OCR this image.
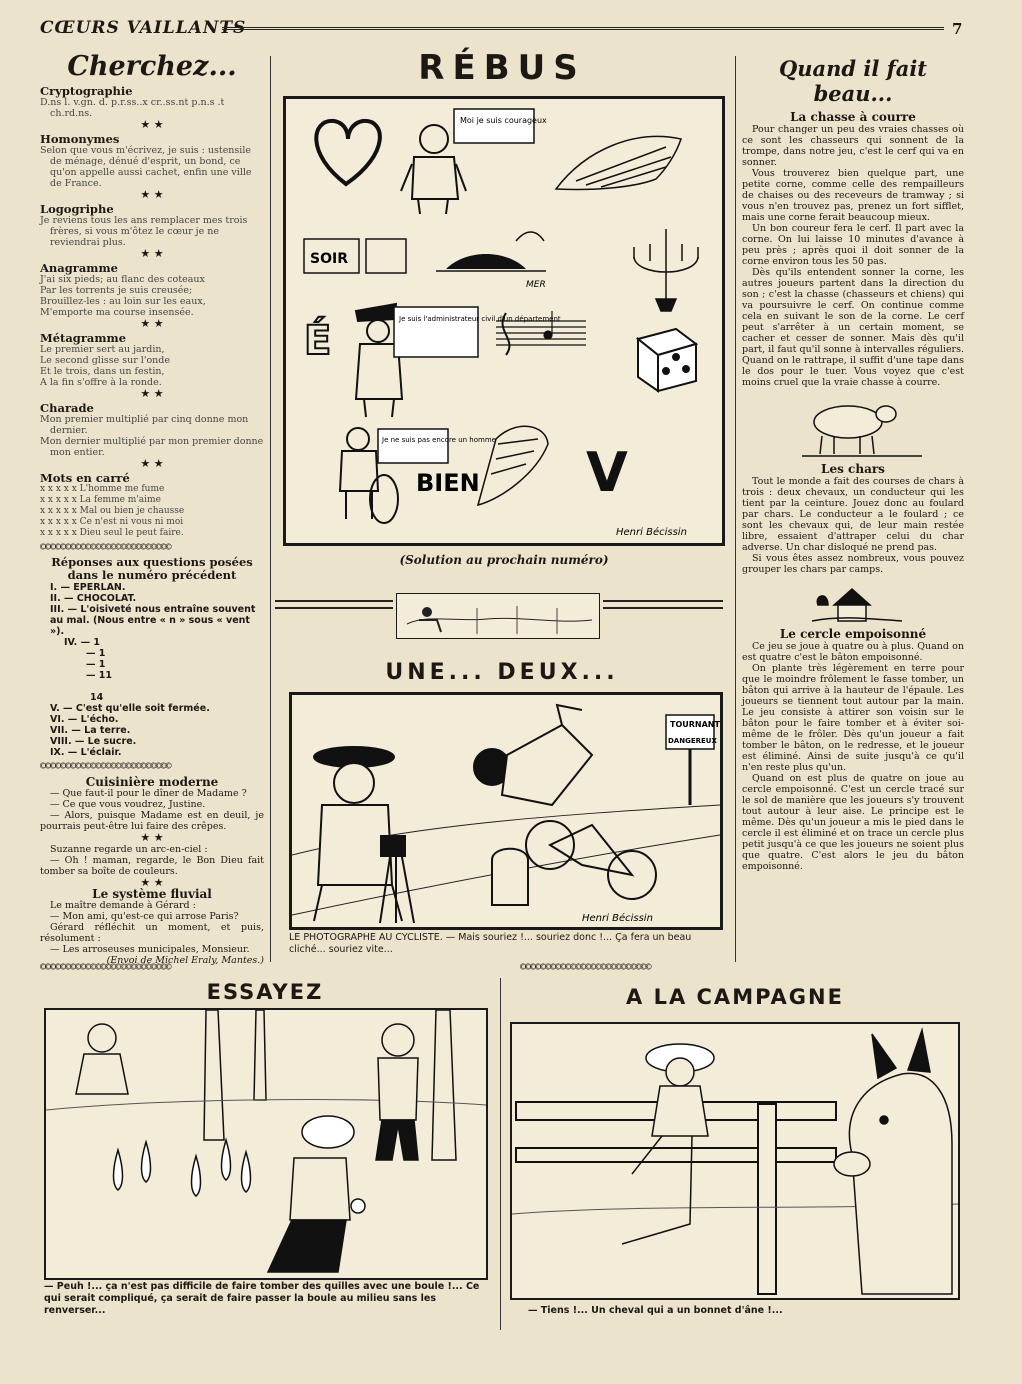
CŒURS VAILLANTS	7
©©©©©©©©©©©©©©©©©©©©©©©©©©	©©©©©©©©©©©©©©©©©©©©©©©©©©
Cherchez...
Cryptographie
D.ns l. v.gn. d. p.r.ss..x cr..ss.nt p.n.s .t ch.rd.ns.
★ ★
Homonymes
Selon que vous m'écrivez, je suis : ustensile de ménage, dénué d'esprit, un bond, ce qu'on appelle aussi cachet, enfin une ville de France.
★ ★
Logogriphe
Je reviens tous les ans remplacer mes trois frères, si vous m'ôtez le cœur je ne reviendrai plus.
★ ★
Anagramme
J'ai six pieds; au flanc des coteaux
Par les torrents je suis creusée;
Brouillez-les : au loin sur les eaux,
M'emporte ma course insensée.
★ ★
Métagramme
Le premier sert au jardin,
Le second glisse sur l'onde
Et le trois, dans un festin,
A la fin s'offre à la ronde.
★ ★
Charade
Mon premier multiplié par cinq donne mon dernier.
Mon dernier multiplié par mon premier donne mon entier.
★ ★
Mots en carré
x x x x x L'homme me fume
x x x x x La femme m'aime
x x x x x Mal ou bien je chausse
x x x x x Ce n'est ni vous ni moi
x x x x x Dieu seul le peut faire.
©©©©©©©©©©©©©©©©©©©©©©©©©©
Réponses aux questions posées dans le numéro précédent
I. — EPERLAN.
II. — CHOCOLAT.
III. — L'oisiveté nous entraîne souvent au mal. (Nous entre « n » sous « vent »).
IV. — 1
— 1
— 1
— 11
14
V. — C'est qu'elle soit fermée.
VI. — L'écho.
VII. — La terre.
VIII. — Le sucre.
IX. — L'éclair.
©©©©©©©©©©©©©©©©©©©©©©©©©©
Cuisinière moderne

— Que faut-il pour le dîner de Madame ?

— Ce que vous voudrez, Justine.

— Alors, puisque Madame est en deuil, je pourrais peut-être lui faire des crêpes.

★ ★

Suzanne regarde un arc-en-ciel :

— Oh ! maman, regarde, le Bon Dieu fait tomber sa boîte de couleurs.

★ ★
Le système fluvial

Le maître demande à Gérard :

— Mon ami, qu'est-ce qui arrose Paris?

Gérard réfléchit un moment, et puis, résolument :

— Les arroseuses municipales, Monsieur.

(Envoi de Michel Eraly, Mantes.)

RÉBUS
Moi je suis courageux
SOIR
MER
É	Je suis l'administrateur civil d'un département
Je ne suis pas encore un homme
BIEN V
Henri Bécissin
(Solution au prochain numéro)
UNE... DEUX...
TOURNANT
DANGEREUX
Henri Bécissin
LE PHOTOGRAPHE AU CYCLISTE. — Mais souriez !... souriez donc !... Ça fera un beau cliché... souriez vite...
Quand il fait beau...
La chasse à courre

Pour changer un peu des vraies chasses où ce sont les chasseurs qui sonnent de la trompe, dans notre jeu, c'est le cerf qui va en sonner.

Vous trouverez bien quelque part, une petite corne, comme celle des rempailleurs de chaises ou des receveurs de tramway ; si vous n'en trouvez pas, prenez un fort sifflet, mais une corne ferait beaucoup mieux.

Un bon coureur fera le cerf. Il part avec la corne. On lui laisse 10 minutes d'avance à peu près ; après quoi il doit sonner de la corne environ tous les 50 pas.

Dès qu'ils entendent sonner la corne, les autres joueurs partent dans la direction du son ; c'est la chasse (chasseurs et chiens) qui va poursuivre le cerf. On continue comme cela en suivant le son de la corne. Le cerf peut s'arrêter à un certain moment, se cacher et cesser de sonner. Mais dès qu'il part, il faut qu'il sonne à intervalles réguliers. Quand on le rattrape, il suffit d'une tape dans le dos pour le tuer. Vous voyez que c'est moins cruel que la vraie chasse à courre.

Les chars

Tout le monde a fait des courses de chars à trois : deux chevaux, un conducteur qui les tient par la ceinture. Jouez donc au foulard par chars. Le conducteur a le foulard ; ce sont les chevaux qui, de leur main restée libre, essaient d'attraper celui du char adverse. Un char disloqué ne prend pas.

Si vous êtes assez nombreux, vous pouvez grouper les chars par camps.

Le cercle empoisonné

Ce jeu se joue à quatre ou à plus. Quand on est quatre c'est le bâton empoisonné.

On plante très légèrement en terre pour que le moindre frôlement le fasse tomber, un bâton qui arrive à la hauteur de l'épaule. Les joueurs se tiennent tout autour par la main. Le jeu consiste à attirer son voisin sur le bâton pour le faire tomber et à éviter soi-même de le frôler. Dès qu'un joueur a fait tomber le bâton, on le redresse, et le joueur est éliminé. Ainsi de suite jusqu'à ce qu'il n'en reste plus qu'un.

Quand on est plus de quatre on joue au cercle empoisonné. C'est un cercle tracé sur le sol de manière que les joueurs s'y trouvent tout autour à leur aise. Le principe est le même. Dès qu'un joueur a mis le pied dans le cercle il est éliminé et on trace un cercle plus petit jusqu'à ce que les joueurs ne soient plus que quatre. C'est alors le jeu du bâton empoisonné.

ESSAYEZ
— Peuh !... ça n'est pas difficile de faire tomber des quilles avec une boule !... Ce qui serait compliqué, ça serait de faire passer la boule au milieu sans les renverser...
A LA CAMPAGNE
— Tiens !... Un cheval qui a un bonnet d'âne !...
